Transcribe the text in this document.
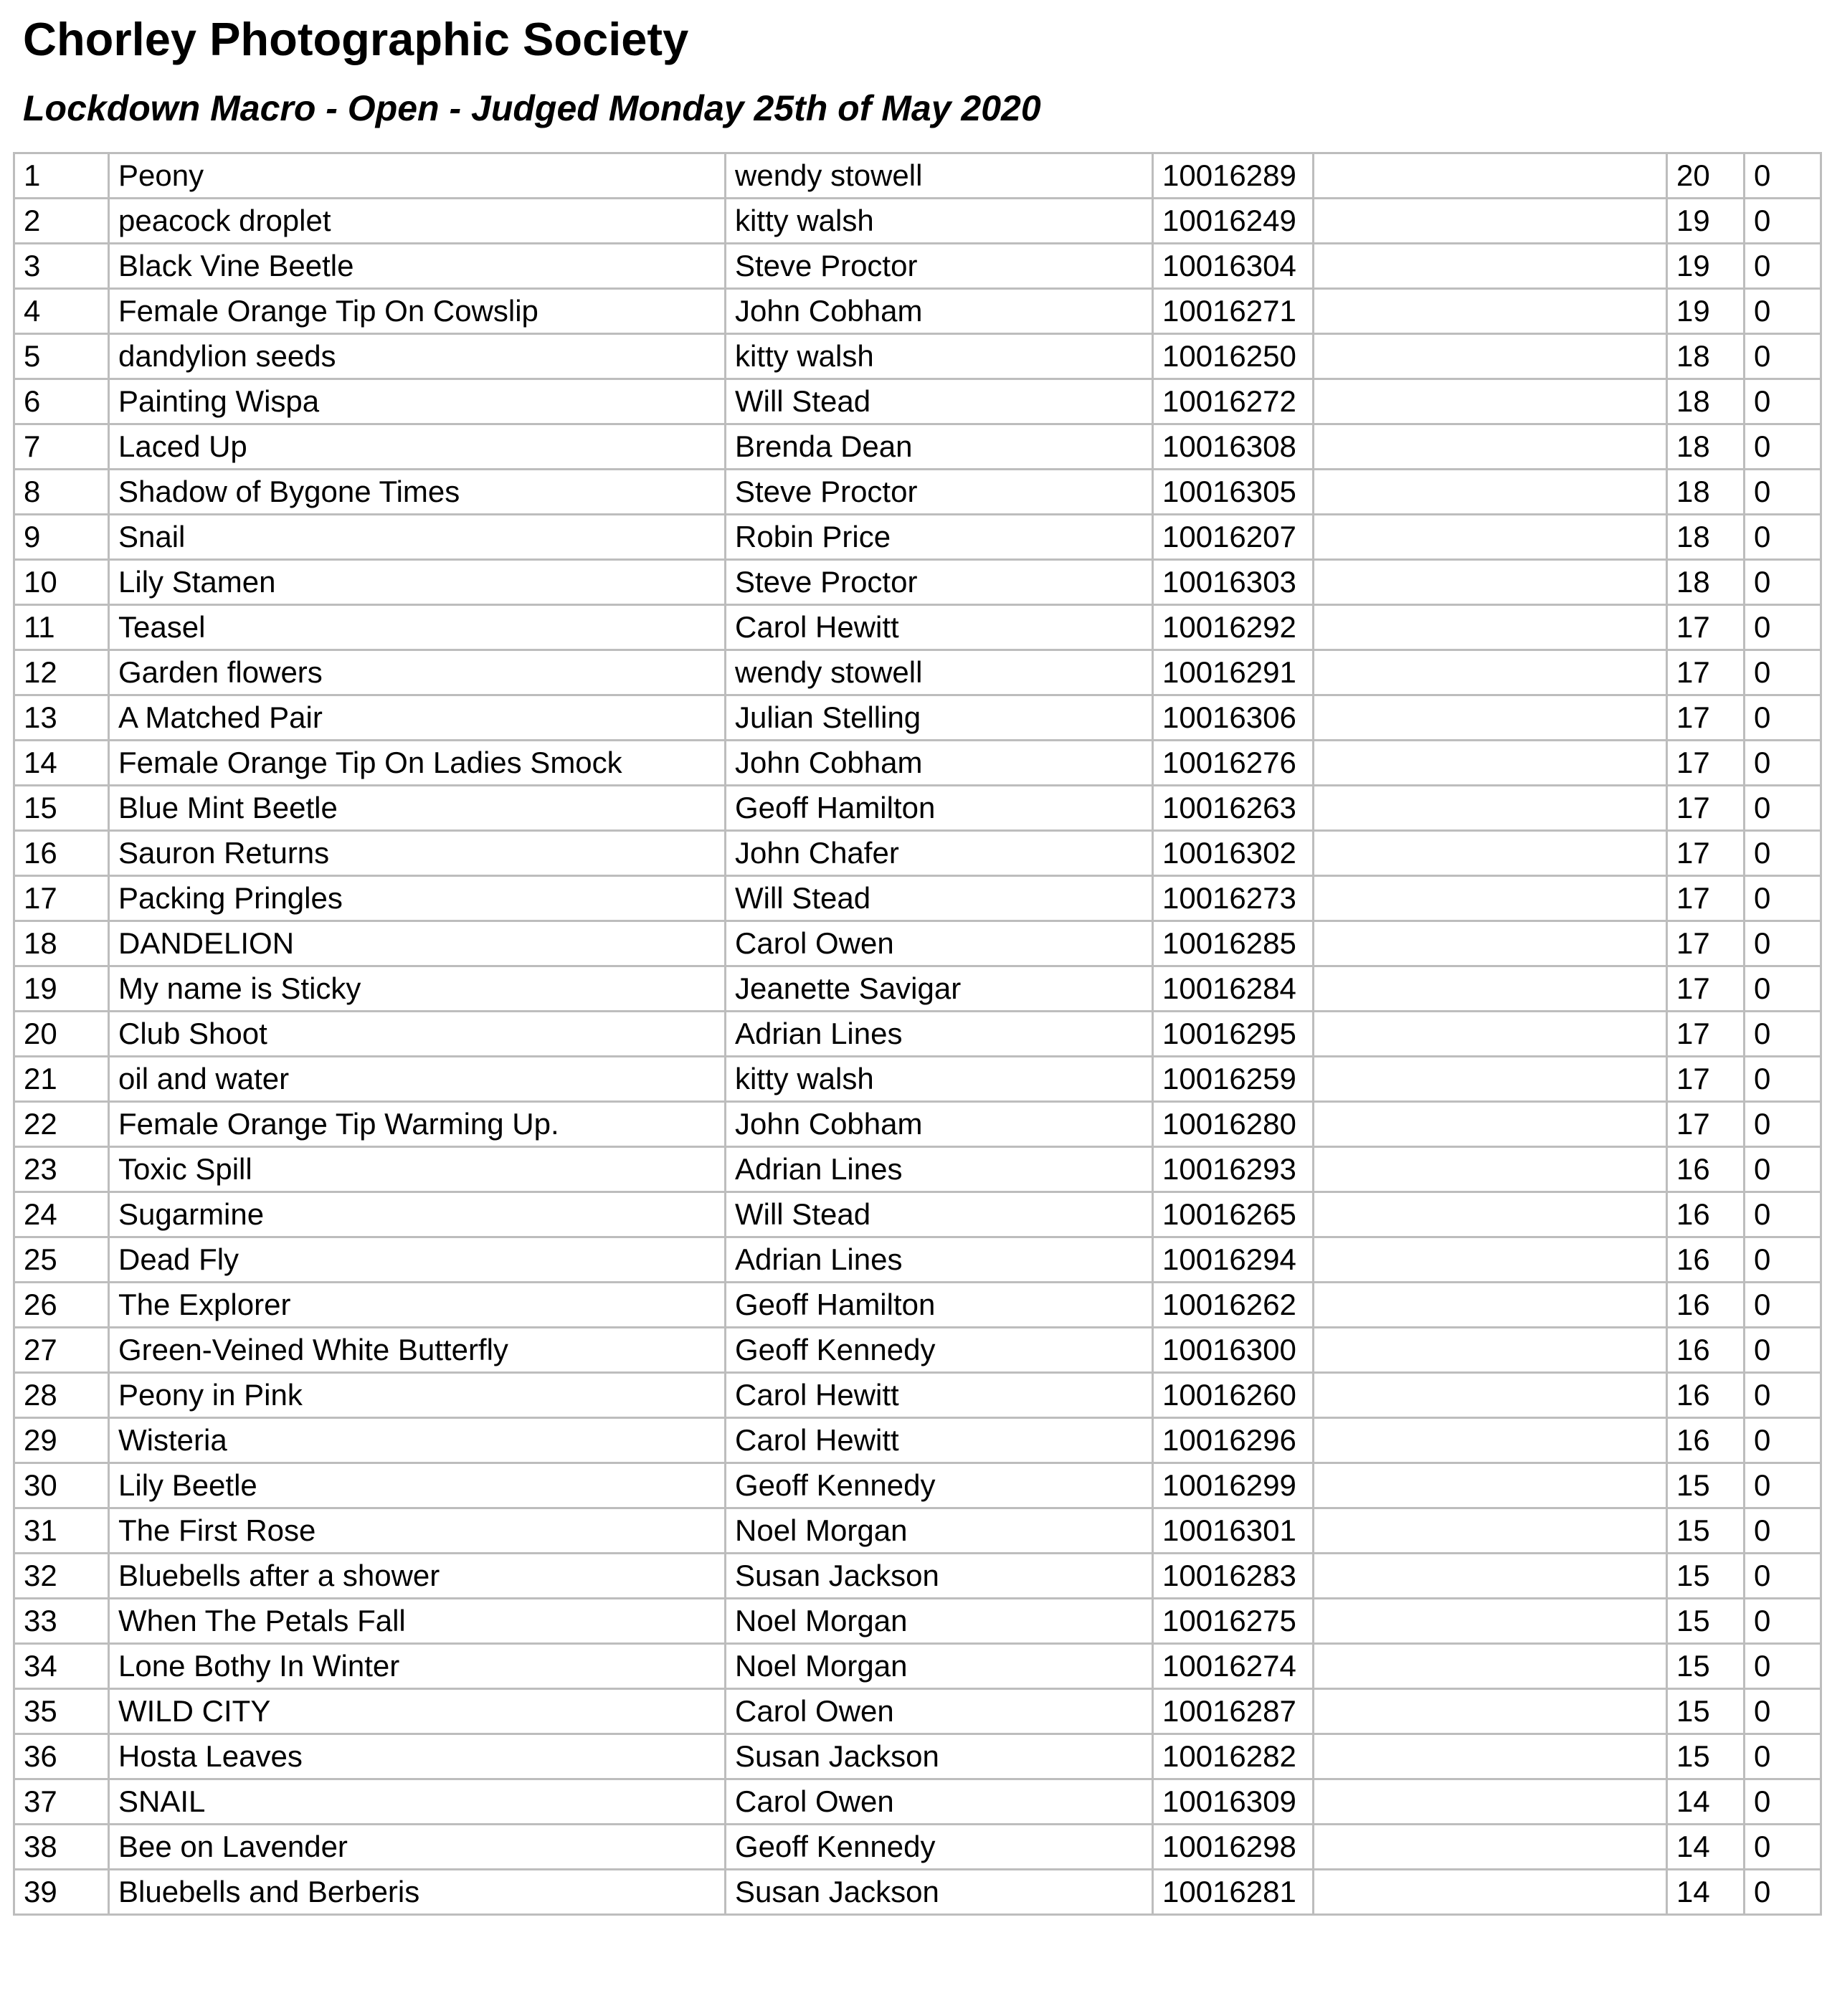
Chorley Photographic Society
Lockdown Macro - Open - Judged Monday 25th of May 2020
1	Peony	wendy stowell	10016289		20	0
2	peacock droplet	kitty walsh	10016249		19	0
3	Black Vine Beetle	Steve Proctor	10016304		19	0
4	Female Orange Tip On Cowslip	John Cobham	10016271		19	0
5	dandylion seeds	kitty walsh	10016250		18	0
6	Painting Wispa	Will Stead	10016272		18	0
7	Laced Up	Brenda Dean	10016308		18	0
8	Shadow of Bygone Times	Steve Proctor	10016305		18	0
9	Snail	Robin Price	10016207		18	0
10	Lily Stamen	Steve Proctor	10016303		18	0
11	Teasel	Carol Hewitt	10016292		17	0
12	Garden flowers	wendy stowell	10016291		17	0
13	A Matched Pair	Julian Stelling	10016306		17	0
14	Female Orange Tip On Ladies Smock	John Cobham	10016276		17	0
15	Blue Mint Beetle	Geoff Hamilton	10016263		17	0
16	Sauron Returns	John Chafer	10016302		17	0
17	Packing Pringles	Will Stead	10016273		17	0
18	DANDELION	Carol Owen	10016285		17	0
19	My name is Sticky	Jeanette Savigar	10016284		17	0
20	Club Shoot	Adrian Lines	10016295		17	0
21	oil and water	kitty walsh	10016259		17	0
22	Female Orange Tip Warming Up.	John Cobham	10016280		17	0
23	Toxic Spill	Adrian Lines	10016293		16	0
24	Sugarmine	Will Stead	10016265		16	0
25	Dead Fly	Adrian Lines	10016294		16	0
26	The Explorer	Geoff Hamilton	10016262		16	0
27	Green-Veined White Butterfly	Geoff Kennedy	10016300		16	0
28	Peony in Pink	Carol Hewitt	10016260		16	0
29	Wisteria	Carol Hewitt	10016296		16	0
30	Lily Beetle	Geoff Kennedy	10016299		15	0
31	The First Rose	Noel Morgan	10016301		15	0
32	Bluebells after a shower	Susan Jackson	10016283		15	0
33	When The Petals Fall	Noel Morgan	10016275		15	0
34	Lone Bothy In Winter	Noel Morgan	10016274		15	0
35	WILD CITY	Carol Owen	10016287		15	0
36	Hosta Leaves	Susan Jackson	10016282		15	0
37	SNAIL	Carol Owen	10016309		14	0
38	Bee on Lavender	Geoff Kennedy	10016298		14	0
39	Bluebells and Berberis	Susan Jackson	10016281		14	0
